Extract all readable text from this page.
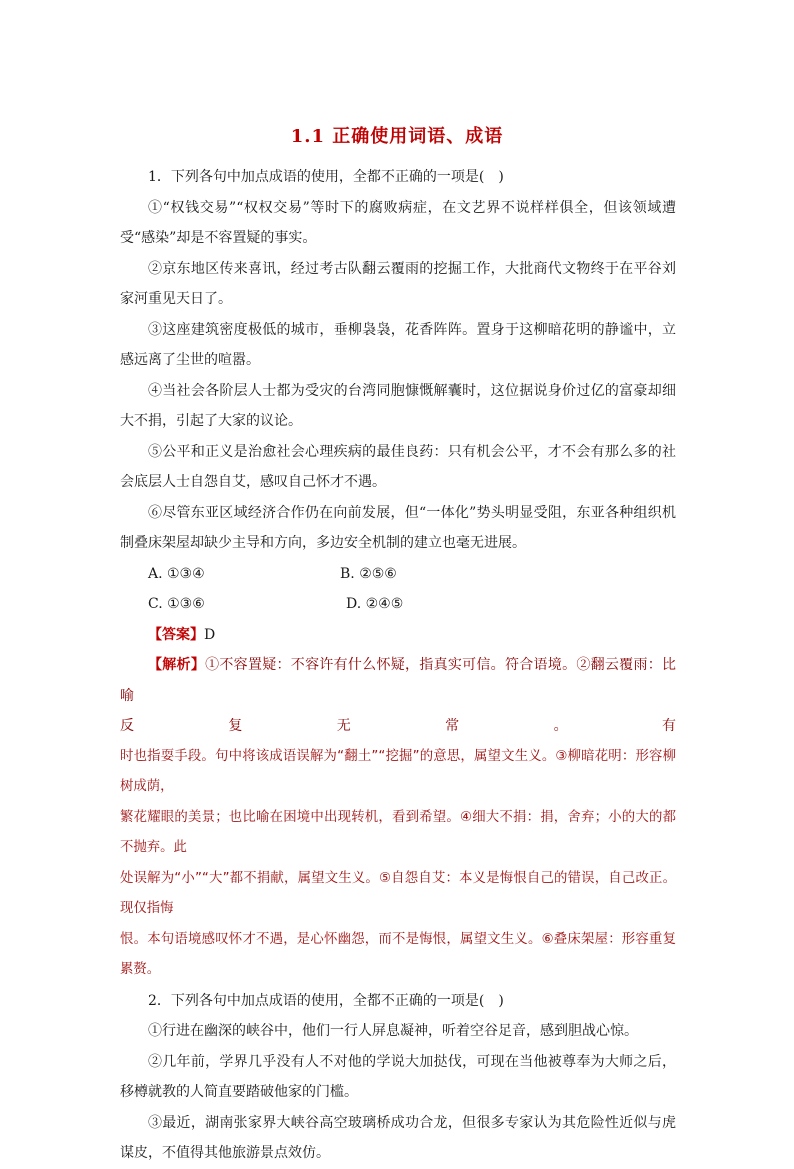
1.1 正确使用词语、成语

1．下列各句中加点成语的使用，全都不正确的一项是(　)

①“权钱交易”“权权交易”等时下的腐败病症，在文艺界不说样样俱全，但该领域遭受“感染”却是不容置疑的事实。

②京东地区传来喜讯，经过考古队翻云覆雨的挖掘工作，大批商代文物终于在平谷刘家河重见天日了。

③这座建筑密度极低的城市，垂柳袅袅，花香阵阵。置身于这柳暗花明的静谧中，立感远离了尘世的喧嚣。

④当社会各阶层人士都为受灾的台湾同胞慷慨解囊时，这位据说身价过亿的富豪却细大不捐，引起了大家的议论。

⑤公平和正义是治愈社会心理疾病的最佳良药：只有机会公平，才不会有那么多的社会底层人士自怨自艾，感叹自己怀才不遇。

⑥尽管东亚区域经济合作仍在向前发展，但“一体化”势头明显受阻，东亚各种组织机制叠床架屋却缺少主导和方向，多边安全机制的建立也毫无进展。

A. ①③④	B. ②⑤⑥
C. ①③⑥	D. ②④⑤

【答案】D

【解析】①不容置疑：不容许有什么怀疑，指真实可信。符合语境。②翻云覆雨：比喻

反	复	无	常	。	有

时也指耍手段。句中将该成语误解为“翻土”“挖掘”的意思，属望文生义。③柳暗花明：形容柳树成荫，

繁花耀眼的美景；也比喻在困境中出现转机，看到希望。④细大不捐：捐，舍弃；小的大的都不抛弃。此

处误解为“小”“大”都不捐献，属望文生义。⑤自怨自艾：本义是悔恨自己的错误，自己改正。现仅指悔

恨。本句语境感叹怀才不遇，是心怀幽怨，而不是悔恨，属望文生义。⑥叠床架屋：形容重复累赘。

2．下列各句中加点成语的使用，全都不正确的一项是(　)

①行进在幽深的峡谷中，他们一行人屏息凝神，听着空谷足音，感到胆战心惊。

②几年前，学界几乎没有人不对他的学说大加挞伐，可现在当他被尊奉为大师之后，移樽就教的人简直要踏破他家的门槛。

③最近，湖南张家界大峡谷高空玻璃桥成功合龙，但很多专家认为其危险性近似与虎谋皮，不值得其他旅游景点效仿。
